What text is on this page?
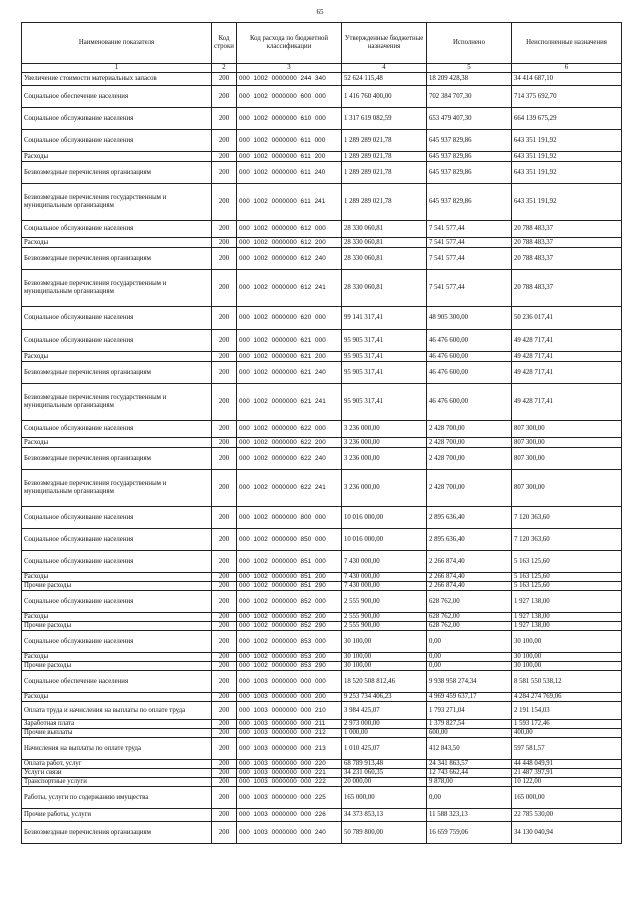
65
Наименование показателя	Код строки	Код расхода по бюджетной классификации	Утвержденные бюджетные назначения	Исполнено	Неисполненные назначения
1	2	3	4	5	6
Увеличение стоимости материальных запасов	200	000  1002  0000000  244  340	52 624 115,48	18 209 428,38	34 414 687,10
Социальное обеспечение населения	200	000  1002  0000000  600  000	1 416 760 400,00	702 384 707,30	714 375 692,70
Социальное обслуживание населения	200	000  1002  0000000  610  000	1 317 619 082,59	653 479 407,30	664 139 675,29
Социальное обслуживание населения	200	000  1002  0000000  611  000	1 289 289 021,78	645 937 829,86	643 351 191,92
Расходы	200	000  1002  0000000  611  200	1 289 289 021,78	645 937 829,86	643 351 191,92
Безвозмездные перечисления организациям	200	000  1002  0000000  611  240	1 289 289 021,78	645 937 829,86	643 351 191,92
Безвозмездные перечисления государственным и муниципальным организациям	200	000  1002  0000000  611  241	1 289 289 021,78	645 937 829,86	643 351 191,92
Социальное обслуживание населения	200	000  1002  0000000  612  000	28 330 060,81	7 541 577,44	20 788 483,37
Расходы	200	000  1002  0000000  612  200	28 330 060,81	7 541 577,44	20 788 483,37
Безвозмездные перечисления организациям	200	000  1002  0000000  612  240	28 330 060,81	7 541 577,44	20 788 483,37
Безвозмездные перечисления государственным и муниципальным организациям	200	000  1002  0000000  612  241	28 330 060,81	7 541 577,44	20 788 483,37
Социальное обслуживание населения	200	000  1002  0000000  620  000	99 141 317,41	48 905 300,00	50 236 017,41
Социальное обслуживание населения	200	000  1002  0000000  621  000	95 905 317,41	46 476 600,00	49 428 717,41
Расходы	200	000  1002  0000000  621  200	95 905 317,41	46 476 600,00	49 428 717,41
Безвозмездные перечисления организациям	200	000  1002  0000000  621  240	95 905 317,41	46 476 600,00	49 428 717,41
Безвозмездные перечисления государственным и муниципальным организациям	200	000  1002  0000000  621  241	95 905 317,41	46 476 600,00	49 428 717,41
Социальное обслуживание населения	200	000  1002  0000000  622  000	3 236 000,00	2 428 700,00	807 300,00
Расходы	200	000  1002  0000000  622  200	3 236 000,00	2 428 700,00	807 300,00
Безвозмездные перечисления организациям	200	000  1002  0000000  622  240	3 236 000,00	2 428 700,00	807 300,00
Безвозмездные перечисления государственным и муниципальным организациям	200	000  1002  0000000  622  241	3 236 000,00	2 428 700,00	807 300,00
Социальное обслуживание населения	200	000  1002  0000000  800  000	10 016 000,00	2 895 636,40	7 120 363,60
Социальное обслуживание населения	200	000  1002  0000000  850  000	10 016 000,00	2 895 636,40	7 120 363,60
Социальное обслуживание населения	200	000  1002  0000000  851  000	7 430 000,00	2 266 874,40	5 163 125,60
Расходы	200	000  1002  0000000  851  200	7 430 000,00	2 266 874,40	5 163 125,60
Прочие расходы	200	000  1002  0000000  851  290	7 430 000,00	2 266 874,40	5 163 125,60
Социальное обслуживание населения	200	000  1002  0000000  852  000	2 555 900,00	628 762,00	1 927 138,00
Расходы	200	000  1002  0000000  852  200	2 555 900,00	628 762,00	1 927 138,00
Прочие расходы	200	000  1002  0000000  852  290	2 555 900,00	628 762,00	1 927 138,00
Социальное обслуживание населения	200	000  1002  0000000  853  000	30 100,00	0,00	30 100,00
Расходы	200	000  1002  0000000  853  200	30 100,00	0,00	30 100,00
Прочие расходы	200	000  1002  0000000  853  290	30 100,00	0,00	30 100,00
Социальное обеспечение населения	200	000  1003  0000000  000  000	18 520 508 812,46	9 938 958 274,34	8 581 550 538,12
Расходы	200	000  1003  0000000  000  200	9 253 734 406,23	4 969 459 637,17	4 284 274 769,06
Оплата труда и начисления на выплаты по оплате труда	200	000  1003  0000000  000  210	3 984 425,07	1 793 271,04	2 191 154,03
Заработная плата	200	000  1003  0000000  000  211	2 973 000,00	1 379 827,54	1 593 172,46
Прочие выплаты	200	000  1003  0000000  000  212	1 000,00	600,00	400,00
Начисления на выплаты по оплате труда	200	000  1003  0000000  000  213	1 010 425,07	412 843,50	597 581,57
Оплата работ, услуг	200	000  1003  0000000  000  220	68 789 913,48	24 341 863,57	44 448 049,91
Услуги связи	200	000  1003  0000000  000  221	34 231 060,35	12 743 662,44	21 487 397,91
Транспортные услуги	200	000  1003  0000000  000  222	20 000,00	9 878,00	10 122,00
Работы, услуги по содержанию имущества	200	000  1003  0000000  000  225	165 000,00	0,00	165 000,00
Прочие работы, услуги	200	000  1003  0000000  000  226	34 373 853,13	11 588 323,13	22 785 530,00
Безвозмездные перечисления организациям	200	000  1003  0000000  000  240	50 789 800,00	16 659 759,06	34 130 040,94
